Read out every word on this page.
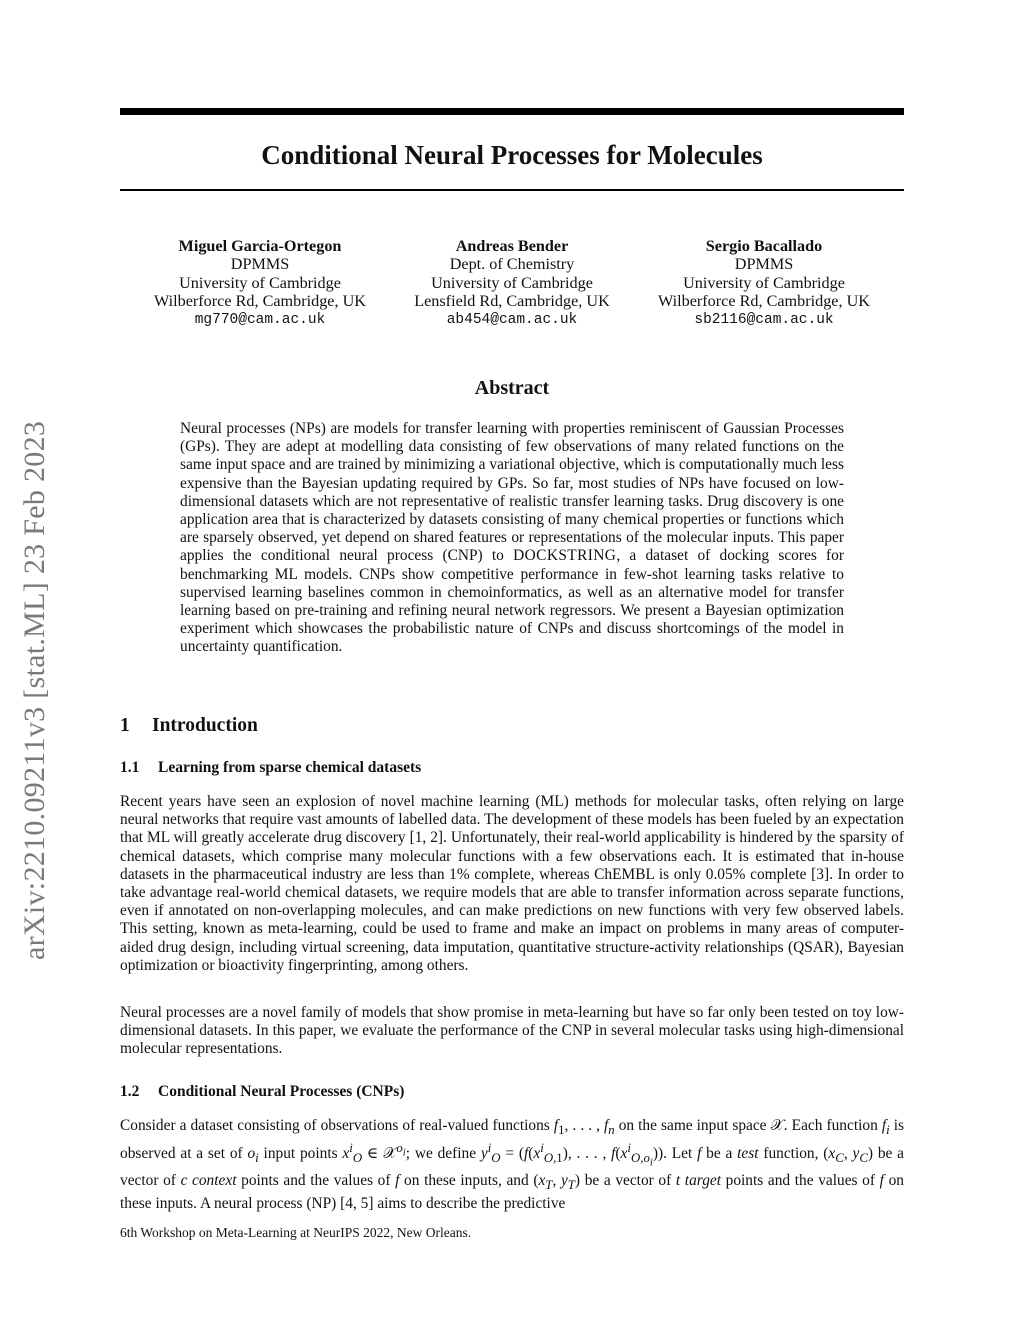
arXiv:2210.09211v3 [stat.ML] 23 Feb 2023
Conditional Neural Processes for Molecules
Miguel Garcia-Ortegon
DPMMS
University of Cambridge
Wilberforce Rd, Cambridge, UK
mg770@cam.ac.uk
Andreas Bender
Dept. of Chemistry
University of Cambridge
Lensfield Rd, Cambridge, UK
ab454@cam.ac.uk
Sergio Bacallado
DPMMS
University of Cambridge
Wilberforce Rd, Cambridge, UK
sb2116@cam.ac.uk
Abstract

Neural processes (NPs) are models for transfer learning with properties reminiscent of Gaussian Processes (GPs). They are adept at modelling data consisting of few observations of many related functions on the same input space and are trained by minimizing a variational objective, which is computationally much less expensive than the Bayesian updating required by GPs. So far, most studies of NPs have focused on low-dimensional datasets which are not representative of realistic transfer learning tasks. Drug discovery is one application area that is characterized by datasets consisting of many chemical properties or functions which are sparsely observed, yet depend on shared features or representations of the molecular inputs. This paper applies the conditional neural process (CNP) to DOCKSTRING, a dataset of docking scores for benchmarking ML models. CNPs show competitive performance in few-shot learning tasks relative to supervised learning baselines common in chemoinformatics, as well as an alternative model for transfer learning based on pre-training and refining neural network regressors. We present a Bayesian optimization experiment which showcases the probabilistic nature of CNPs and discuss shortcomings of the model in uncertainty quantification.

1 Introduction
1.1 Learning from sparse chemical datasets

Recent years have seen an explosion of novel machine learning (ML) methods for molecular tasks, often relying on large neural networks that require vast amounts of labelled data. The development of these models has been fueled by an expectation that ML will greatly accelerate drug discovery [1, 2]. Unfortunately, their real-world applicability is hindered by the sparsity of chemical datasets, which comprise many molecular functions with a few observations each. It is estimated that in-house datasets in the pharmaceutical industry are less than 1% complete, whereas ChEMBL is only 0.05% complete [3]. In order to take advantage real-world chemical datasets, we require models that are able to transfer information across separate functions, even if annotated on non-overlapping molecules, and can make predictions on new functions with very few observed labels. This setting, known as meta-learning, could be used to frame and make an impact on problems in many areas of computer-aided drug design, including virtual screening, data imputation, quantitative structure-activity relationships (QSAR), Bayesian optimization or bioactivity fingerprinting, among others.

Neural processes are a novel family of models that show promise in meta-learning but have so far only been tested on toy low-dimensional datasets. In this paper, we evaluate the performance of the CNP in several molecular tasks using high-dimensional molecular representations.

1.2 Conditional Neural Processes (CNPs)

Consider a dataset consisting of observations of real-valued functions $f_1$, . . . , $f_n$ on the same input space 𝒳. Each function $f_i$ is observed at a set of $o_i$ input points $x^i_O$ ∈ 𝒳$^{o_i}$; we define $y^i_O = (f(x^i_{O,1})$, . . . , $f(x^i_{O,o_i})$). Let f be a test function, ($x_C$, $y_C$) be a vector of c context points and the values of f on these inputs, and ($x_T$, $y_T$) be a vector of t target points and the values of f on these inputs. A neural process (NP) [4, 5] aims to describe the predictive

6th Workshop on Meta-Learning at NeurIPS 2022, New Orleans.
